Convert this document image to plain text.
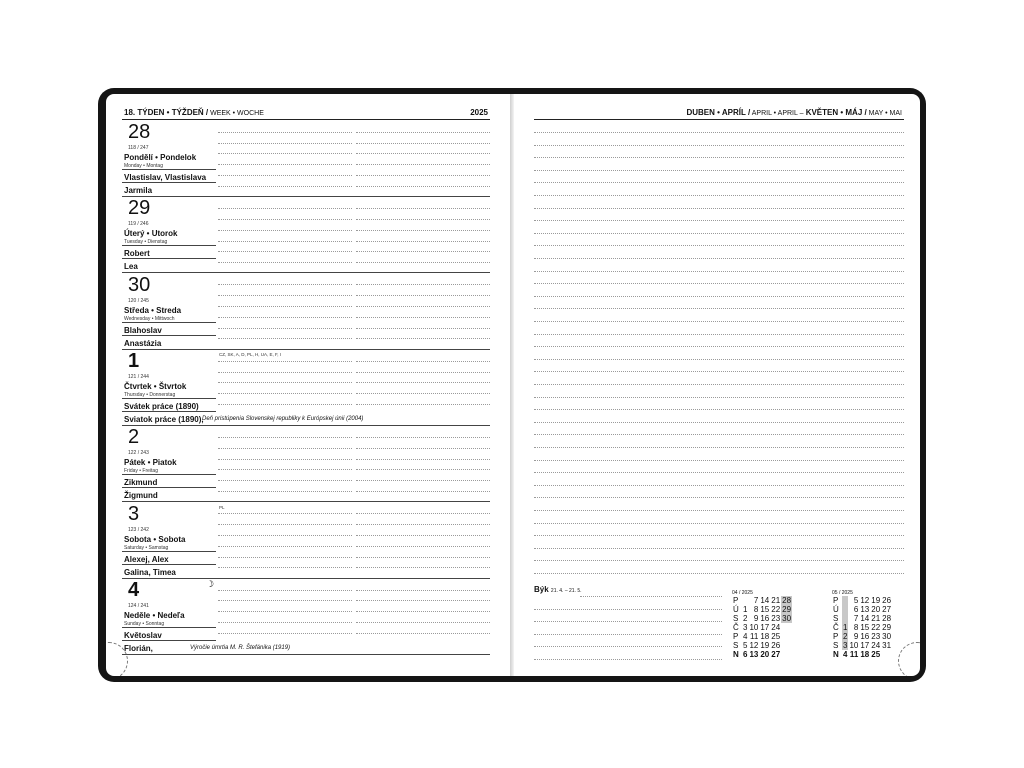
18. TÝDEN • TÝŽDEŇ / WEEK • WOCHE	2025
28
118 / 247
Pondělí • Pondelok
Monday • Montag
Vlastislav, Vlastislava
Jarmila
29
119 / 246
Úterý • Utorok
Tuesday • Dienstag
Robert
Lea
30
120 / 245
Středa • Streda
Wednesday • Mittwoch
Blahoslav
Anastázia
1
121 / 244
Čtvrtek • Štvrtok
Thursday • Donnerstag
Svátek práce (1890)
Sviatok práce (1890),
Deň pristúpenia Slovenskej republiky k Európskej únii (2004)
CZ, SK, A, D, PL, H, UA, E, F, I
2
122 / 243
Pátek • Piatok
Friday • Freitag
Zikmund
Žigmund
3
123 / 242
Sobota • Sobota
Saturday • Samstag
Alexej, Alex
Galina, Timea
PL
4
124 / 241
Neděle • Nedeľa
Sunday • Sonntag
Květoslav
Florián,	Výročie úmrtia M. R. Štefánika (1919)
☽
DUBEN • APRÍL / APRIL • APRIL – KVĚTEN • MÁJ / MAY • MAI
Býk 21. 4. – 21. 5.	04 / 2025
P		7	14	21	28
Ú	1	8	15	22	29
S	2	9	16	23	30
Č	3	10	17	24	
P	4	11	18	25	
S	5	12	19	26	
N	6	13	20	27	
05 / 2025
P		5	12	19	26
Ú		6	13	20	27
S		7	14	21	28
Č	1	8	15	22	29
P	2	9	16	23	30
S	3	10	17	24	31
N	4	11	18	25	
